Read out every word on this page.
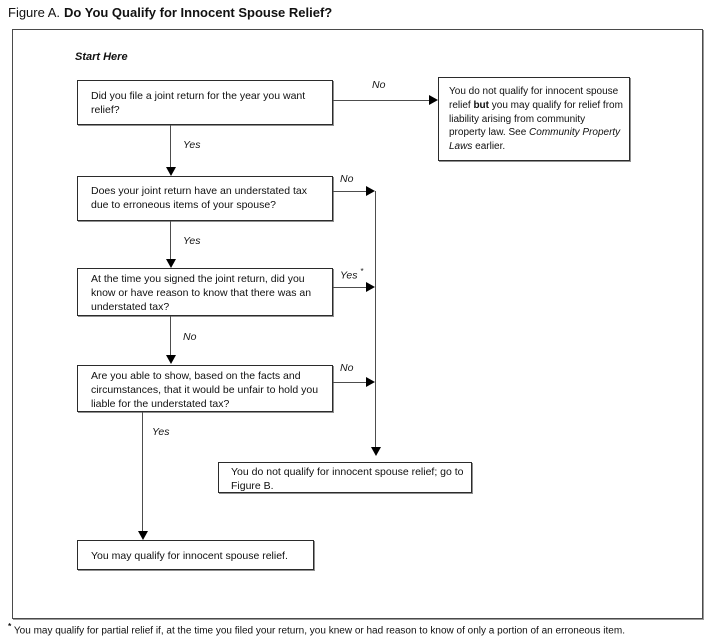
Figure A. Do You Qualify for Innocent Spouse Relief?
Start Here
Did you file a joint return for the year you want relief?
Does your joint return have an understated tax due to erroneous items of your spouse?
At the time you signed the joint return, did you know or have reason to know that there was an understated tax?
Are you able to show, based on the facts and circumstances, that it would be unfair to hold you liable for the understated tax?
You do not qualify for innocent spouse relief but you may qualify for relief from liability arising from community property law. See Community Property Laws earlier.
You do not qualify for innocent spouse relief; go to Figure B.
You may qualify for innocent spouse relief.
No
Yes
No
Yes
Yes *
No
No
Yes
* You may qualify for partial relief if, at the time you filed your return, you knew or had reason to know of only a portion of an erroneous item.
